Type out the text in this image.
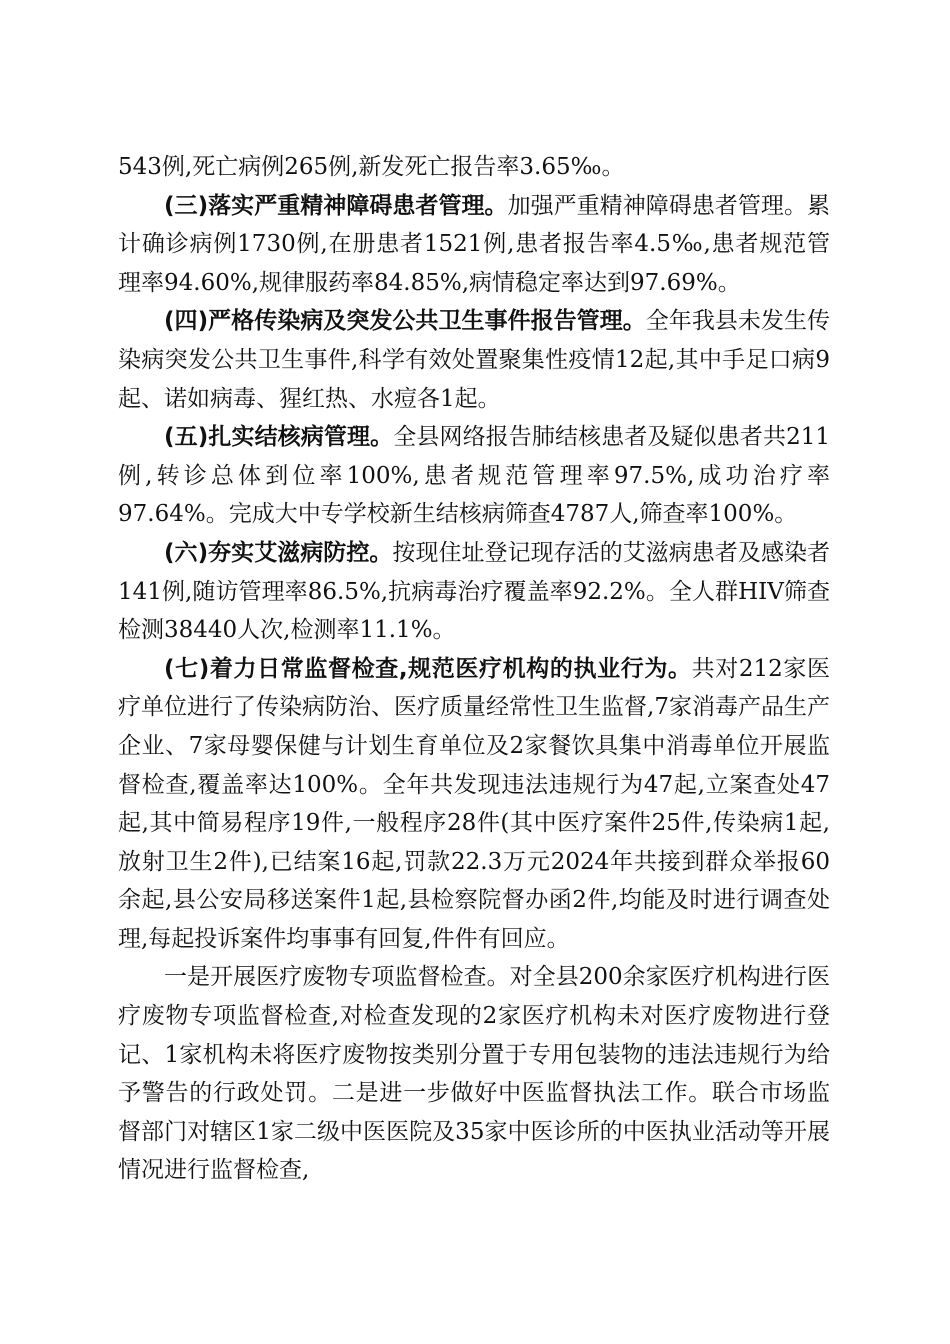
543例,死亡病例265例,新发死亡报告率3.65‰。

(三)落实严重精神障碍患者管理。加强严重精神障碍患者管理。累计确诊病例1730例,在册患者1521例,患者报告率4.5‰,患者规范管理率94.60%,规律服药率84.85%,病情稳定率达到97.69%。

(四)严格传染病及突发公共卫生事件报告管理。全年我县未发生传染病突发公共卫生事件,科学有效处置聚集性疫情12起,其中手足口病9起、诺如病毒、猩红热、水痘各1起。

(五)扎实结核病管理。全县网络报告肺结核患者及疑似患者共211例,转诊总体到位率100%,患者规范管理率97.5%,成功治疗率97.64%。完成大中专学校新生结核病筛查4787人,筛查率100%。

(六)夯实艾滋病防控。按现住址登记现存活的艾滋病患者及感染者141例,随访管理率86.5%,抗病毒治疗覆盖率92.2%。全人群HIV筛查检测38440人次,检测率11.1%。

(七)着力日常监督检查,规范医疗机构的执业行为。共对212家医疗单位进行了传染病防治、医疗质量经常性卫生监督,7家消毒产品生产企业、7家母婴保健与计划生育单位及2家餐饮具集中消毒单位开展监督检查,覆盖率达100%。全年共发现违法违规行为47起,立案查处47起,其中简易程序19件,一般程序28件(其中医疗案件25件,传染病1起,放射卫生2件),已结案16起,罚款22.3万元2024年共接到群众举报60余起,县公安局移送案件1起,县检察院督办函2件,均能及时进行调查处理,每起投诉案件均事事有回复,件件有回应。

一是开展医疗废物专项监督检查。对全县200余家医疗机构进行医疗废物专项监督检查,对检查发现的2家医疗机构未对医疗废物进行登记、1家机构未将医疗废物按类别分置于专用包装物的违法违规行为给予警告的行政处罚。二是进一步做好中医监督执法工作。联合市场监督部门对辖区1家二级中医医院及35家中医诊所的中医执业活动等开展情况进行监督检查,
